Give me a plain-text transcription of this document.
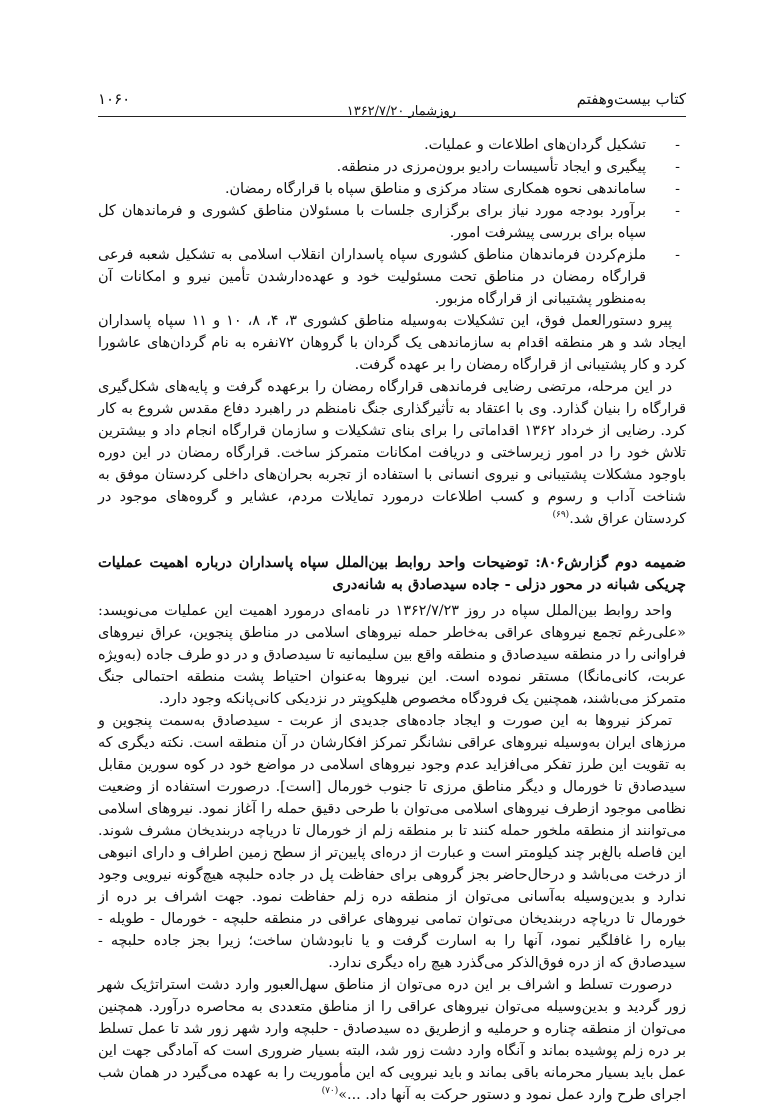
کتاب بیست‌وهفتم
روزشمار ۱۳۶۲/۷/۲۰
۱۰۶۰
-
تشکیل گردان‌های اطلاعات و عملیات.
-
پیگیری و ایجاد تأسیسات رادیو برون‌مرزی در منطقه.
-
ساماندهی نحوه همکاری ستاد مرکزی و مناطق سپاه با قرارگاه رمضان.
-
برآورد بودجه مورد نیاز برای برگزاری جلسات با مسئولان مناطق کشوری و فرماندهان کل سپاه برای بررسی پیشرفت امور.
-
ملزم‌کردن فرماندهان مناطق کشوری سپاه پاسداران انقلاب اسلامی به تشکیل شعبه فرعی قرارگاه رمضان در مناطق تحت مسئولیت خود و عهده‌دارشدن تأمین نیرو و امکانات آن به‌منظور پشتیبانی از قرارگاه مزبور.

پیرو دستورالعمل فوق، این تشکیلات به‌وسیله مناطق کشوری ۳، ۴، ۸، ۱۰ و ۱۱ سپاه پاسداران ایجاد شد و هر منطقه اقدام به سازماندهی یک گردان با گروهان ۷۲نفره به نام گردان‌های عاشورا کرد و کار پشتیبانی از قرارگاه رمضان را بر عهده گرفت.

در این مرحله، مرتضی رضایی فرماندهی قرارگاه رمضان را برعهده گرفت و پایه‌های شکل‌گیری قرارگاه را بنیان گذارد. وی با اعتقاد به تأثیرگذاری جنگ نامنظم در راهبرد دفاع مقدس شروع به کار کرد. رضایی از خرداد ۱۳۶۲ اقداماتی را برای بنای تشکیلات و سازمان قرارگاه انجام داد و بیشترین تلاش خود را در امور زیرساختی و دریافت امکانات متمرکز ساخت. قرارگاه رمضان در این دوره باوجود مشکلات پشتیبانی و نیروی انسانی با استفاده از تجربه بحران‌های داخلی کردستان موفق به شناخت آداب و رسوم و کسب اطلاعات درمورد تمایلات مردم، عشایر و گروه‌های موجود در کردستان عراق شد.$^{(۶۹)}$

ضمیمه دوم گزارش۸۰۶: توضیحات واحد روابط بین‌الملل سپاه پاسداران درباره اهمیت عملیات چریکی شبانه در محور دزلی - جاده سیدصادق به شانه‌دری

واحد روابط بین‌الملل سپاه در روز ۱۳۶۲/۷/۲۳ در نامه‌ای درمورد اهمیت این عملیات می‌نویسد: «علی‌رغم تجمع نیروهای عراقی به‌خاطر حمله نیروهای اسلامی در مناطق پنجوین، عراق نیروهای فراوانی را در منطقه سیدصادق و منطقه واقع بین سلیمانیه تا سیدصادق و در دو طرف جاده (به‌ویژه عربت، کانی‌مانگا) مستقر نموده است. این نیروها به‌عنوان احتیاط پشت منطقه احتمالی جنگ متمرکز می‌باشند، همچنین یک فرودگاه مخصوص هلیکوپتر در نزدیکی کانی‌پانکه وجود دارد.

تمرکز نیروها به این صورت و ایجاد جاده‌های جدیدی از عربت - سیدصادق به‌سمت پنجوین و مرزهای ایران به‌وسیله نیروهای عراقی نشانگر تمرکز افکارشان در آن منطقه است. نکته دیگری که به تقویت این طرز تفکر می‌افزاید عدم وجود نیروهای اسلامی در مواضع خود در کوه سورین مقابل سیدصادق تا خورمال و دیگر مناطق مرزی تا جنوب خورمال [است]. درصورت استفاده از وضعیت نظامی موجود ازطرف نیروهای اسلامی می‌توان با طرحی دقیق حمله را آغاز نمود. نیروهای اسلامی می‌توانند از منطقه ملخور حمله کنند تا بر منطقه زلم از خورمال تا دریاچه دربندیخان مشرف شوند. این فاصله بالغ‌بر چند کیلومتر است و عبارت از دره‌ای پایین‌تر از سطح زمین اطراف و دارای انبوهی از درخت می‌باشد و درحال‌حاضر بجز گروهی برای حفاظت پل در جاده حلبچه هیچ‌گونه نیرویی وجود ندارد و بدین‌وسیله به‌آسانی می‌توان از منطقه دره زلم حفاظت نمود. جهت اشراف بر دره از خورمال تا دریاچه دربندیخان می‌توان تمامی نیروهای عراقی در منطقه حلبچه - خورمال - طویله - بیاره را غافلگیر نمود، آنها را به اسارت گرفت و یا نابودشان ساخت؛ زیرا بجز جاده حلبچه - سیدصادق که از دره فوق‌الذکر می‌گذرد هیچ راه دیگری ندارد.

درصورت تسلط و اشراف بر این دره می‌توان از مناطق سهل‌العبور وارد دشت استراتژیک شهر زور گردید و بدین‌وسیله می‌توان نیروهای عراقی را از مناطق متعددی به محاصره درآورد. همچنین می‌توان از منطقه چناره و حرملیه و ازطریق ده سیدصادق - حلبچه وارد شهر زور شد تا عمل تسلط بر دره زلم پوشیده بماند و آنگاه وارد دشت زور شد، البته بسیار ضروری است که آمادگی جهت این عمل باید بسیار محرمانه باقی بماند و باید نیرویی که این مأموریت را به عهده می‌گیرد در همان شب اجرای طرح وارد عمل نمود و دستور حرکت به آنها داد. ...»$^{(۷۰)}$
